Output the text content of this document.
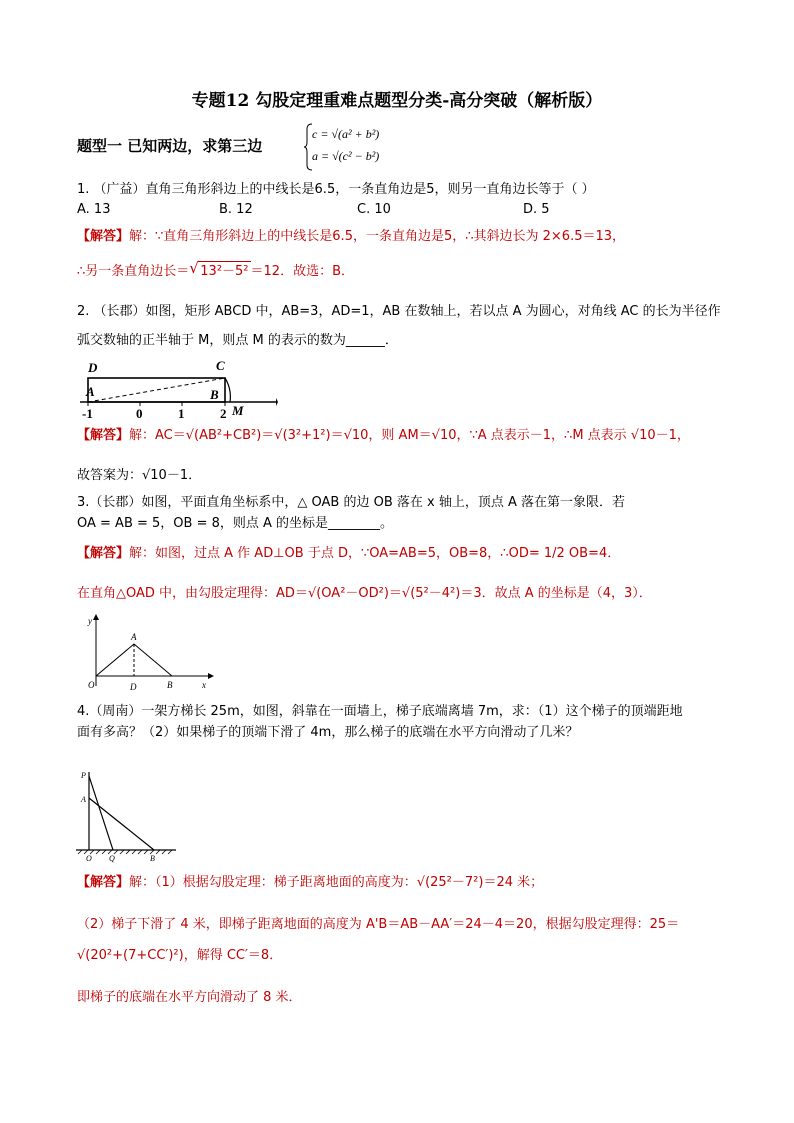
专题12 勾股定理重难点题型分类-高分突破（解析版）
题型一 已知两边，求第三边
c = √(a² + b²)
a = √(c² − b²)
1. （广益）直角三角形斜边上的中线长是6.5，一条直角边是5，则另一直角边长等于（ ）
A. 13	B. 12	C. 10	D. 5
【解答】解：∵直角三角形斜边上的中线长是6.5，一条直角边是5，∴其斜边长为 2×6.5＝13，
∴另一条直角边长＝√ 13²－5² ＝12．故选：B．
2. （长郡）如图，矩形 ABCD 中，AB=3，AD=1，AB 在数轴上，若以点 A 为圆心，对角线 AC 的长为半径作
弧交数轴的正半轴于 M，则点 M 的表示的数为______．
D	C
A	B
-1	0	1	2 M
【解答】解：AC＝√(AB²+CB²)＝√(3²+1²)＝√10，则 AM＝√10，∵A 点表示－1，∴M 点表示 √10－1，
故答案为：√10－1．
3.（长郡）如图，平面直角坐标系中，△ OAB 的边 OB 落在 x 轴上，顶点 A 落在第一象限．若
OA = AB = 5，OB = 8，则点 A 的坐标是________。
【解答】解：如图，过点 A 作 AD⊥OB 于点 D，∵OA=AB=5，OB=8，∴OD= 1/2 OB=4．
在直角△OAD 中，由勾股定理得：AD＝√(OA²－OD²)＝√(5²－4²)＝3．故点 A 的坐标是（4，3）．
y
A
O	D	B	x
4.（周南）一架方梯长 25m，如图，斜靠在一面墙上，梯子底端离墙 7m，求：（1）这个梯子的顶端距地
面有多高？（2）如果梯子的顶端下滑了 4m，那么梯子的底端在水平方向滑动了几米？
P
A
O Q	B
【解答】解：（1）根据勾股定理：梯子距离地面的高度为：√(25²－7²)＝24 米；
（2）梯子下滑了 4 米，即梯子距离地面的高度为 A'B＝AB－AA′＝24－4＝20，根据勾股定理得：25＝
√(20²+(7+CC′)²)，解得 CC′＝8．
即梯子的底端在水平方向滑动了 8 米．
